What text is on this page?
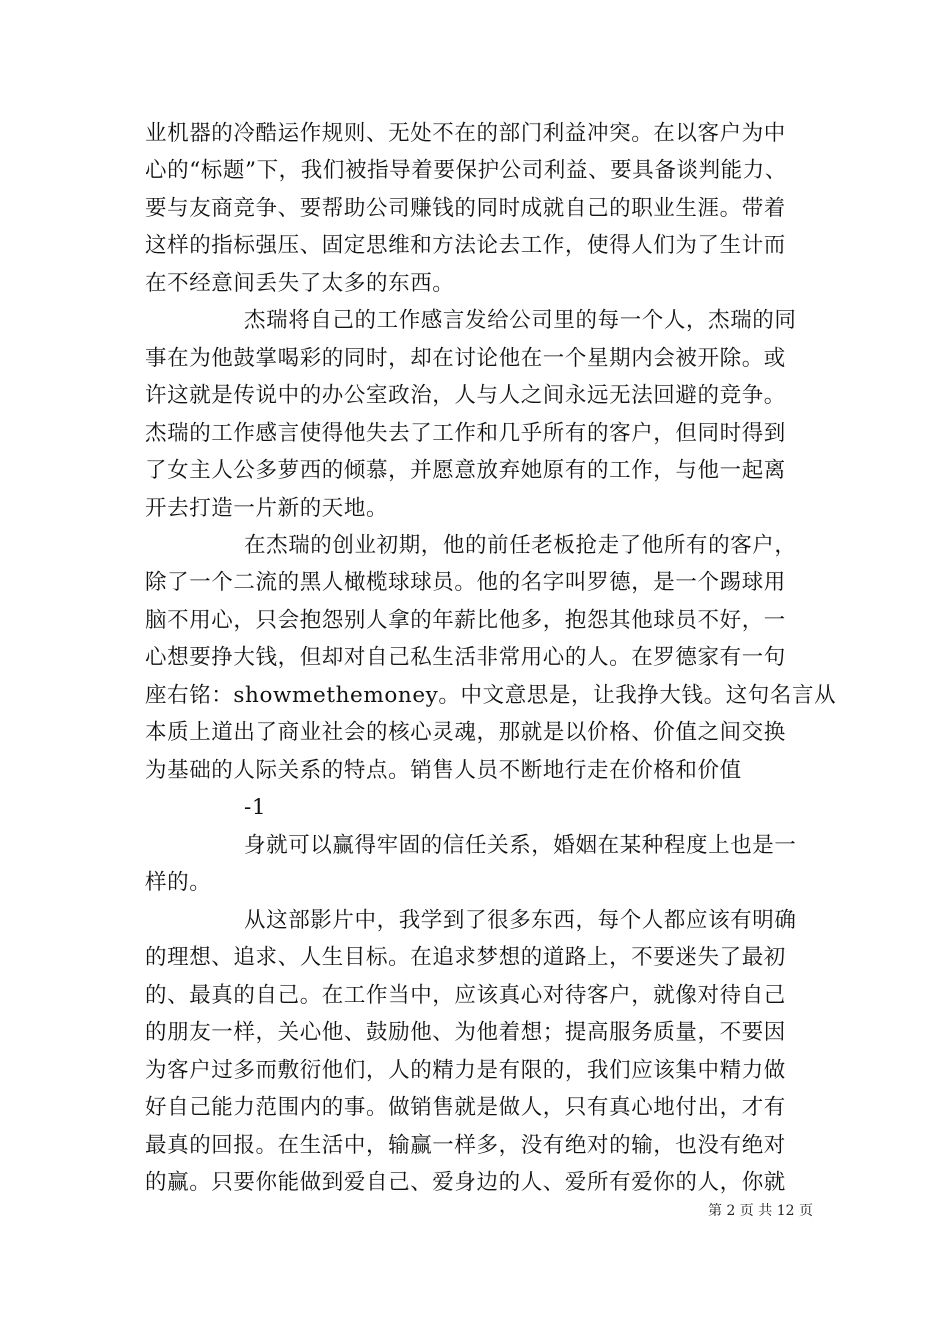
业机器的冷酷运作规则、无处不在的部门利益冲突。在以客户为中
心的“标题”下，我们被指导着要保护公司利益、要具备谈判能力、
要与友商竞争、要帮助公司赚钱的同时成就自己的职业生涯。带着
这样的指标强压、固定思维和方法论去工作，使得人们为了生计而
在不经意间丢失了太多的东西。
杰瑞将自己的工作感言发给公司里的每一个人，杰瑞的同
事在为他鼓掌喝彩的同时，却在讨论他在一个星期内会被开除。或
许这就是传说中的办公室政治，人与人之间永远无法回避的竞争。
杰瑞的工作感言使得他失去了工作和几乎所有的客户，但同时得到
了女主人公多萝西的倾慕，并愿意放弃她原有的工作，与他一起离
开去打造一片新的天地。
在杰瑞的创业初期，他的前任老板抢走了他所有的客户，
除了一个二流的黑人橄榄球球员。他的名字叫罗德，是一个踢球用
脑不用心，只会抱怨别人拿的年薪比他多，抱怨其他球员不好，一
心想要挣大钱，但却对自己私生活非常用心的人。在罗德家有一句
座右铭：showmethemoney。中文意思是，让我挣大钱。这句名言从
本质上道出了商业社会的核心灵魂，那就是以价格、价值之间交换
为基础的人际关系的特点。销售人员不断地行走在价格和价值
-1
身就可以赢得牢固的信任关系，婚姻在某种程度上也是一
样的。
从这部影片中，我学到了很多东西，每个人都应该有明确
的理想、追求、人生目标。在追求梦想的道路上，不要迷失了最初
的、最真的自己。在工作当中，应该真心对待客户，就像对待自己
的朋友一样，关心他、鼓励他、为他着想；提高服务质量，不要因
为客户过多而敷衍他们，人的精力是有限的，我们应该集中精力做
好自己能力范围内的事。做销售就是做人，只有真心地付出，才有
最真的回报。在生活中，输赢一样多，没有绝对的输，也没有绝对
的赢。只要你能做到爱自己、爱身边的人、爱所有爱你的人，你就
第 2 页 共 12 页
